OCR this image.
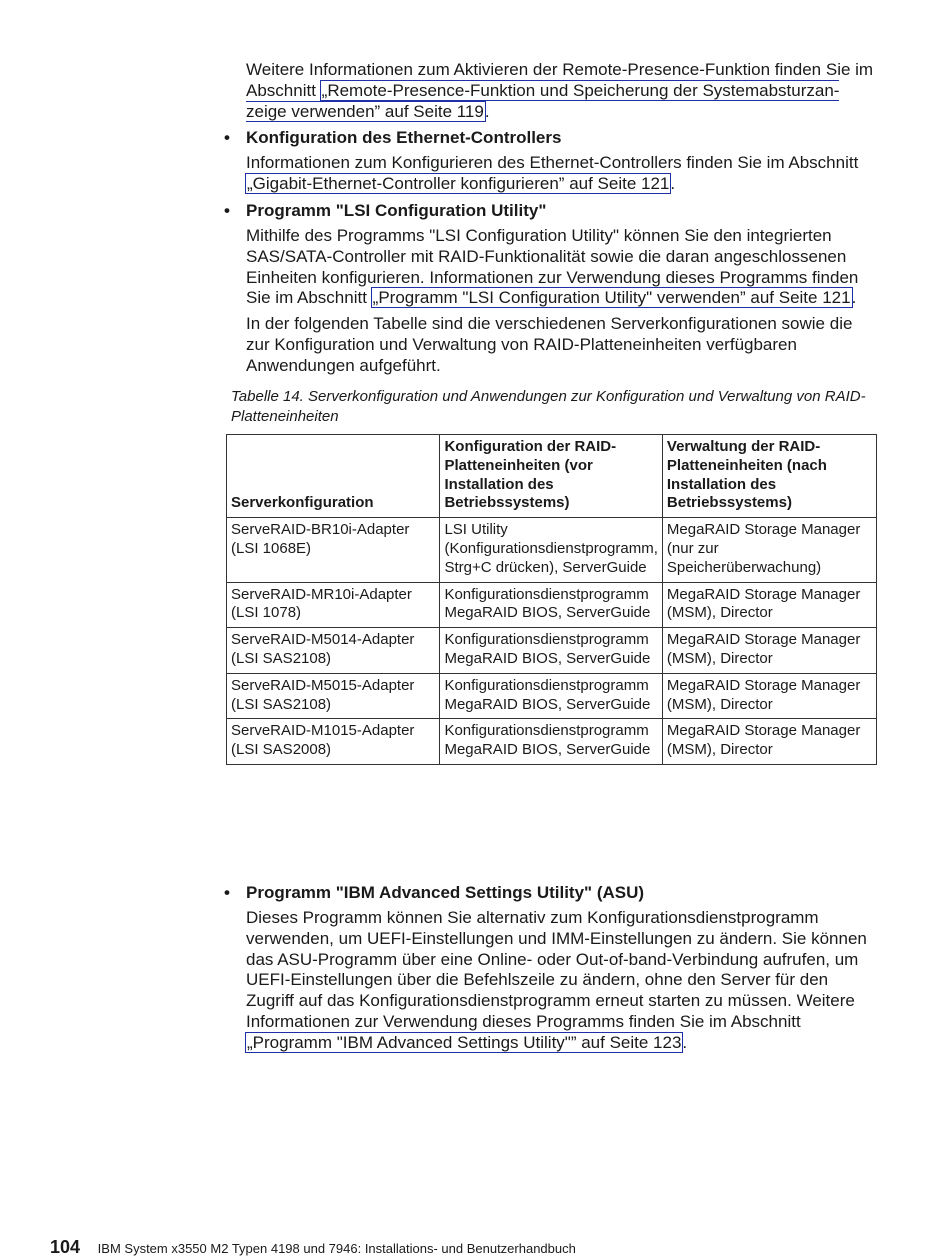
Weitere Informationen zum Aktivieren der Remote-Presence-Funktion finden Sie im Abschnitt „Remote-Presence-Funktion und Speicherung der Systemabsturzan-zeige verwenden” auf Seite 119.

• Konfiguration des Ethernet-Controllers

Informationen zum Konfigurieren des Ethernet-Controllers finden Sie im Abschnitt „Gigabit-Ethernet-Controller konfigurieren” auf Seite 121.

• Programm "LSI Configuration Utility"

Mithilfe des Programms "LSI Configuration Utility" können Sie den integrierten SAS/SATA-Controller mit RAID-Funktionalität sowie die daran angeschlossenen Einheiten konfigurieren. Informationen zur Verwendung dieses Programms finden Sie im Abschnitt „Programm "LSI Configuration Utility" verwenden” auf Seite 121.

In der folgenden Tabelle sind die verschiedenen Serverkonfigurationen sowie die zur Konfiguration und Verwaltung von RAID-Platteneinheiten verfügbaren Anwendungen aufgeführt.

Tabelle 14. Serverkonfiguration und Anwendungen zur Konfiguration und Verwaltung von RAID-Platteneinheiten
Serverkonfiguration	Konfiguration der RAID-Platteneinheiten (vor Installation des Betriebssystems)	Verwaltung der RAID-Platteneinheiten (nach Installation des Betriebssystems)
ServeRAID-BR10i-Adapter (LSI 1068E)	LSI Utility (Konfigurationsdienstprogramm, Strg+C drücken), ServerGuide	MegaRAID Storage Manager (nur zur Speicherüberwachung)
ServeRAID-MR10i-Adapter (LSI 1078)	Konfigurationsdienstprogramm MegaRAID BIOS, ServerGuide	MegaRAID Storage Manager (MSM), Director
ServeRAID-M5014-Adapter (LSI SAS2108)	Konfigurationsdienstprogramm MegaRAID BIOS, ServerGuide	MegaRAID Storage Manager (MSM), Director
ServeRAID-M5015-Adapter (LSI SAS2108)	Konfigurationsdienstprogramm MegaRAID BIOS, ServerGuide	MegaRAID Storage Manager (MSM), Director
ServeRAID-M1015-Adapter (LSI SAS2008)	Konfigurationsdienstprogramm MegaRAID BIOS, ServerGuide	MegaRAID Storage Manager (MSM), Director
• Programm "IBM Advanced Settings Utility" (ASU)

Dieses Programm können Sie alternativ zum Konfigurationsdienstprogramm verwenden, um UEFI-Einstellungen und IMM-Einstellungen zu ändern. Sie können das ASU-Programm über eine Online- oder Out-of-band-Verbindung aufrufen, um UEFI-Einstellungen über die Befehlszeile zu ändern, ohne den Server für den Zugriff auf das Konfigurationsdienstprogramm erneut starten zu müssen. Weitere Informationen zur Verwendung dieses Programms finden Sie im Abschnitt „Programm "IBM Advanced Settings Utility"” auf Seite 123.

104 IBM System x3550 M2 Typen 4198 und 7946: Installations- und Benutzerhandbuch
